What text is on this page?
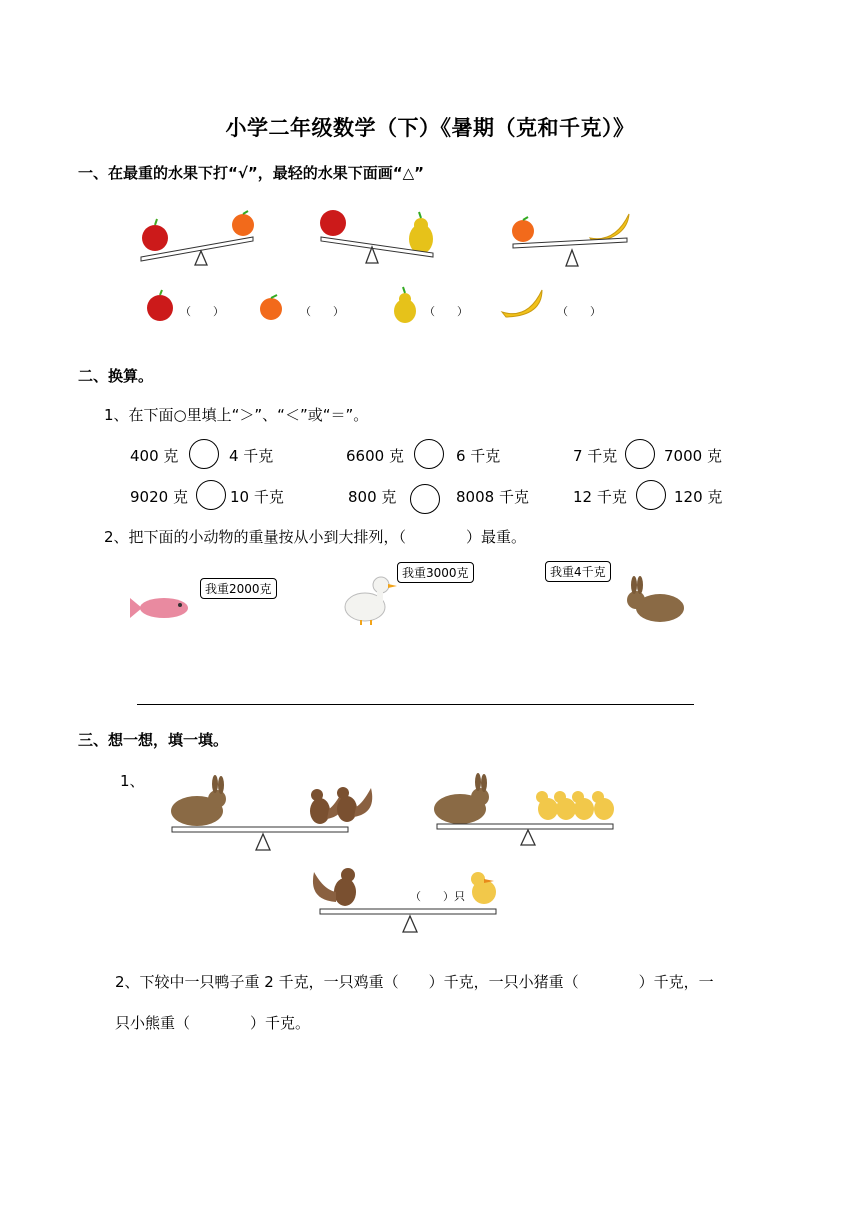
小学二年级数学（下）《暑期（克和千克）》
一、在最重的水果下打“√”，最轻的水果下面画“△”
（　　）	（　　）	（　　）	（　　）
二、换算。
1、在下面○里填上“＞”、“＜”或“＝”。
400 克	4 千克	6600 克	6 千克	7 千克	7000 克
9020 克	10 千克	800 克	8008 千克	12 千克	120 克
2、把下面的小动物的重量按从小到大排列，（　　　　）最重。
我重2000克
我重3000克	我重4千克
三、想一想，填一填。
1、
（　　）只
2、下较中一只鸭子重 2 千克，一只鸡重（　　）千克，一只小猪重（　　　　）千克，一
只小熊重（　　　　）千克。
